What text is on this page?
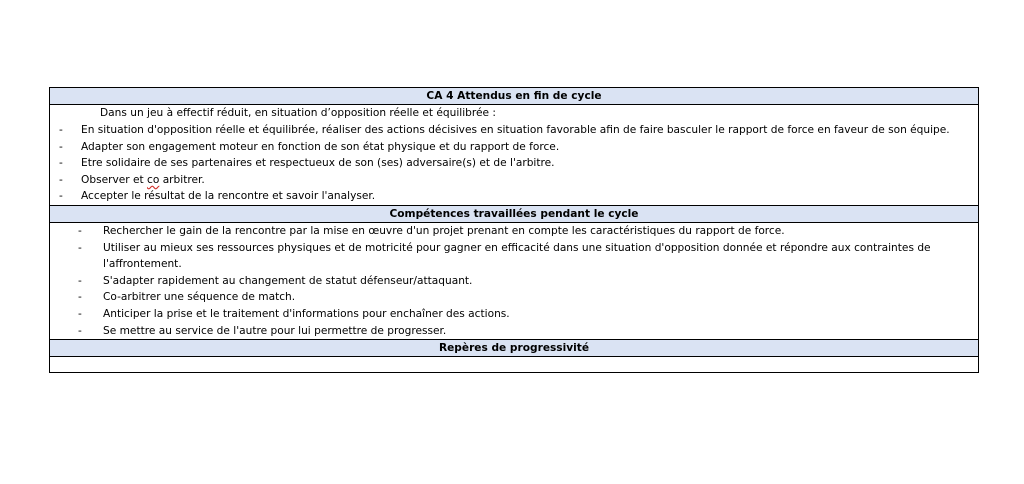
CA 4 Attendus en fin de cycle
Dans un jeu à effectif réduit, en situation d’opposition réelle et équilibrée :
- En situation d'opposition réelle et équilibrée, réaliser des actions décisives en situation favorable afin de faire basculer le rapport de force en faveur de son équipe.
- Adapter son engagement moteur en fonction de son état physique et du rapport de force.
- Etre solidaire de ses partenaires et respectueux de son (ses) adversaire(s) et de l'arbitre.
- Observer et co arbitrer.
- Accepter le résultat de la rencontre et savoir l'analyser.
Compétences travaillées pendant le cycle
- Rechercher le gain de la rencontre par la mise en œuvre d'un projet prenant en compte les caractéristiques du rapport de force.
- Utiliser au mieux ses ressources physiques et de motricité pour gagner en efficacité dans une situation d'opposition donnée et répondre aux contraintes de l'affrontement.
- S'adapter rapidement au changement de statut défenseur/attaquant.
- Co-arbitrer une séquence de match.
- Anticiper la prise et le traitement d'informations pour enchaîner des actions.
- Se mettre au service de l'autre pour lui permettre de progresser.
Repères de progressivité
